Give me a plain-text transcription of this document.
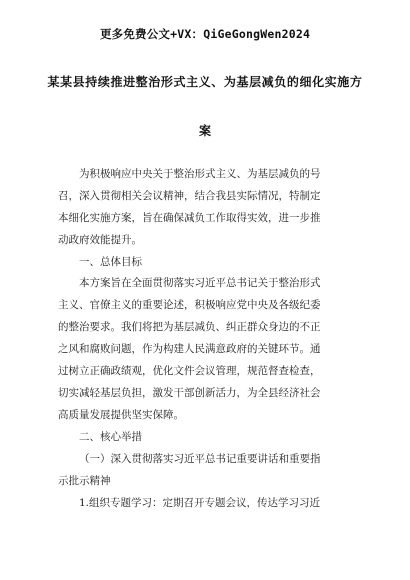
更多免费公文+VX：QiGeGongWen2024
某某县持续推进整治形式主义、为基层减负的细化实施方
案
为积极响应中央关于整治形式主义、为基层减负的号
召，深入贯彻相关会议精神，结合我县实际情况，特制定
本细化实施方案，旨在确保减负工作取得实效，进一步推
动政府效能提升。
一、总体目标
本方案旨在全面贯彻落实习近平总书记关于整治形式
主义、官僚主义的重要论述，积极响应党中央及各级纪委
的整治要求。我们将把为基层减负、纠正群众身边的不正
之风和腐败问题，作为构建人民满意政府的关键环节。通
过树立正确政绩观，优化文件会议管理，规范督查检查，
切实减轻基层负担，激发干部创新活力，为全县经济社会
高质量发展提供坚实保障。
二、核心举措
（一）深入贯彻落实习近平总书记重要讲话和重要指
示批示精神
1.组织专题学习：定期召开专题会议，传达学习习近
